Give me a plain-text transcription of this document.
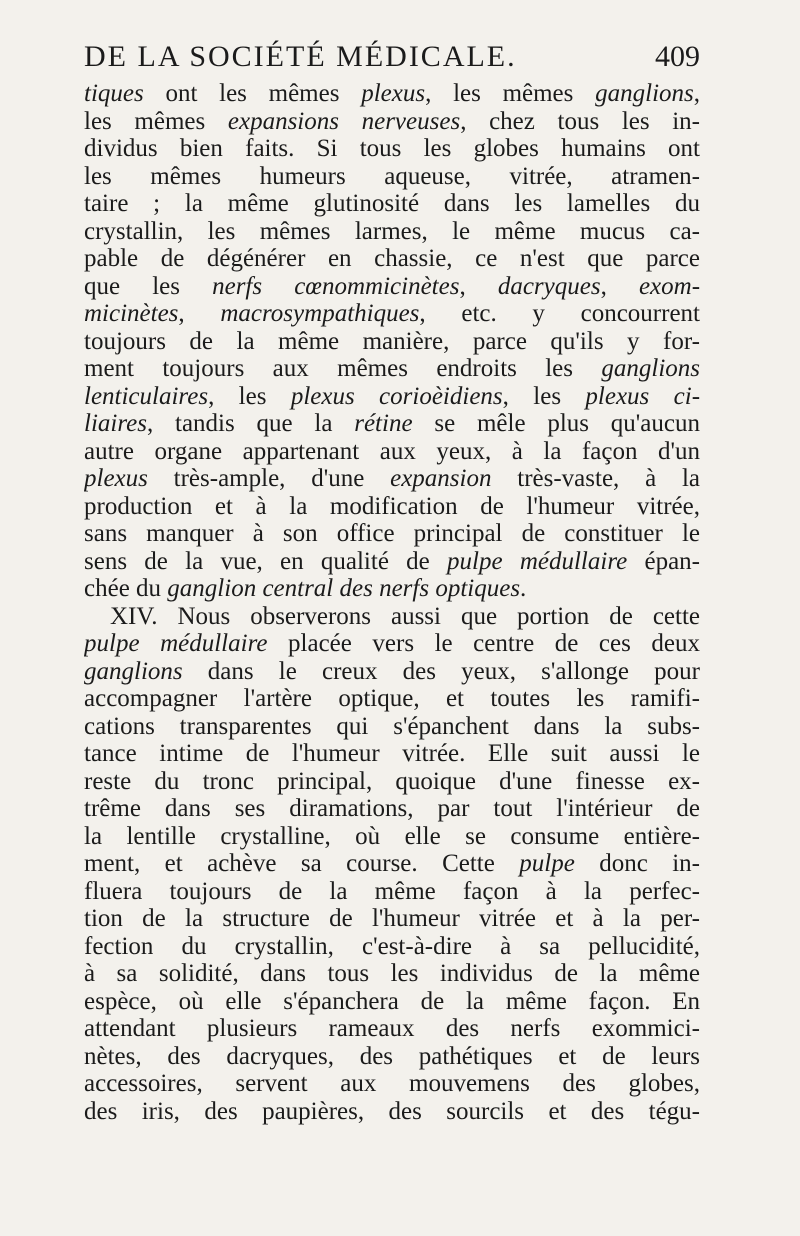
DE LA SOCIÉTÉ MÉDICALE.	409
tiques ont les mêmes plexus, les mêmes ganglions,
les mêmes expansions nerveuses, chez tous les in-
dividus bien faits. Si tous les globes humains ont
les mêmes humeurs aqueuse, vitrée, atramen-
taire ; la même glutinosité dans les lamelles du
crystallin, les mêmes larmes, le même mucus ca-
pable de dégénérer en chassie, ce n'est que parce
que les nerfs cœnommicinètes, dacryques, exom-
micinètes, macrosympathiques, etc. y concourrent
toujours de la même manière, parce qu'ils y for-
ment toujours aux mêmes endroits les ganglions
lenticulaires, les plexus corioèidiens, les plexus ci-
liaires, tandis que la rétine se mêle plus qu'aucun
autre organe appartenant aux yeux, à la façon d'un
plexus très-ample, d'une expansion très-vaste, à la
production et à la modification de l'humeur vitrée,
sans manquer à son office principal de constituer le
sens de la vue, en qualité de pulpe médullaire épan-
chée du ganglion central des nerfs optiques.
XIV. Nous observerons aussi que portion de cette
pulpe médullaire placée vers le centre de ces deux
ganglions dans le creux des yeux, s'allonge pour
accompagner l'artère optique, et toutes les ramifi-
cations transparentes qui s'épanchent dans la subs-
tance intime de l'humeur vitrée. Elle suit aussi le
reste du tronc principal, quoique d'une finesse ex-
trême dans ses diramations, par tout l'intérieur de
la lentille crystalline, où elle se consume entière-
ment, et achève sa course. Cette pulpe donc in-
fluera toujours de la même façon à la perfec-
tion de la structure de l'humeur vitrée et à la per-
fection du crystallin, c'est-à-dire à sa pellucidité,
à sa solidité, dans tous les individus de la même
espèce, où elle s'épanchera de la même façon. En
attendant plusieurs rameaux des nerfs exommici-
nètes, des dacryques, des pathétiques et de leurs
accessoires, servent aux mouvemens des globes,
des iris, des paupières, des sourcils et des tégu-
